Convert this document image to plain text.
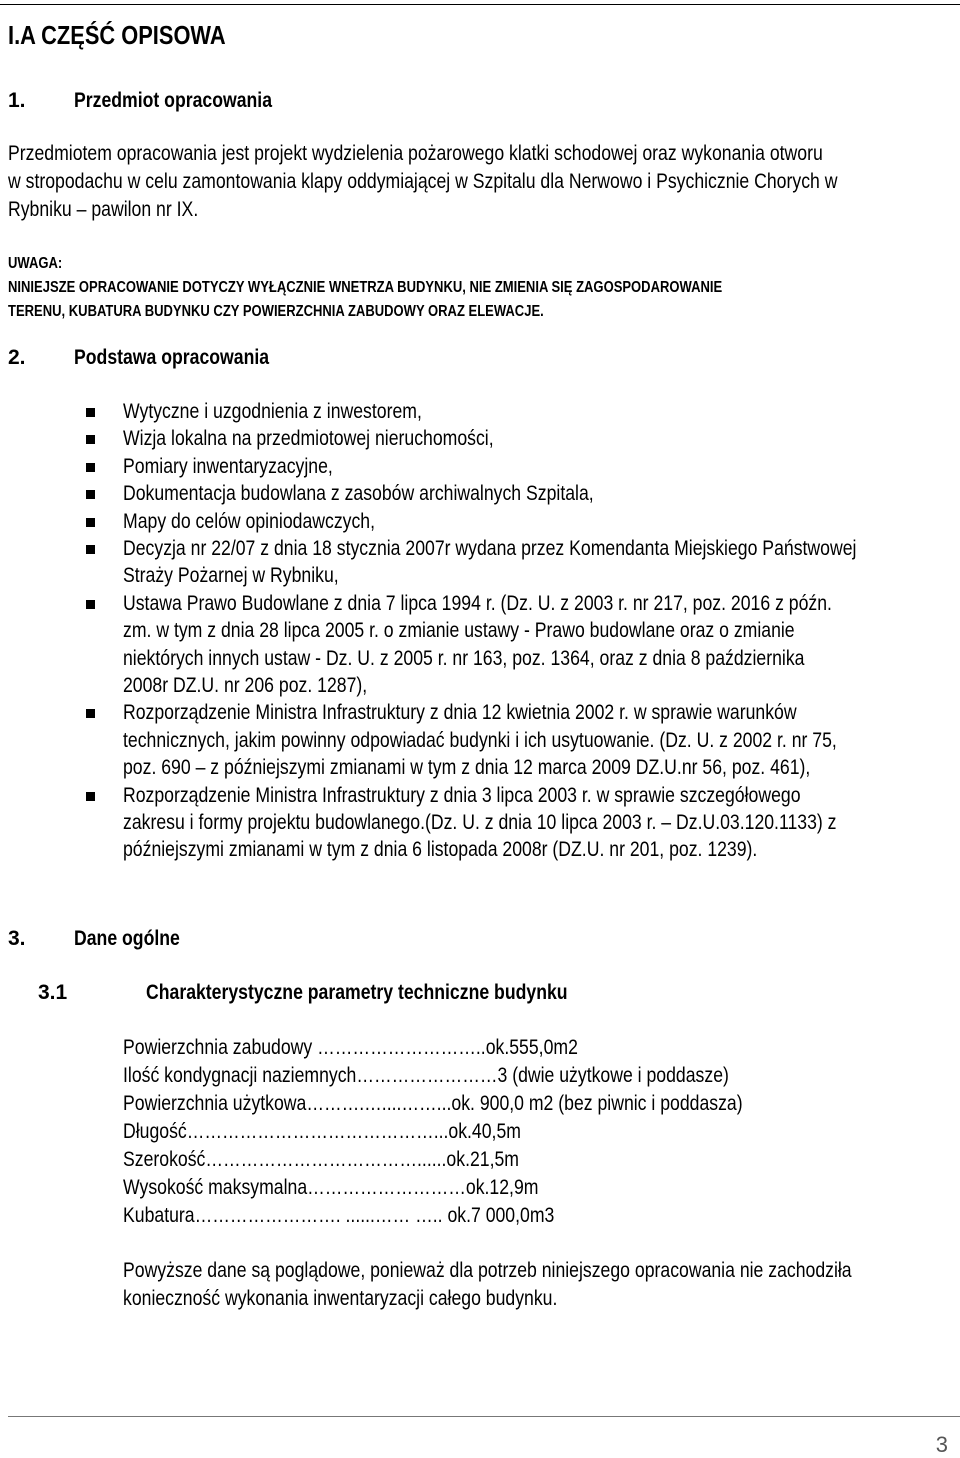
I.A CZĘŚĆ OPISOWA
1. Przedmiot opracowania
Przedmiotem opracowania jest projekt wydzielenia pożarowego klatki schodowej oraz wykonania otworu
w stropodachu w celu zamontowania klapy oddymiającej w Szpitalu dla Nerwowo i Psychicznie Chorych w
Rybniku – pawilon nr IX.
UWAGA:
NINIEJSZE OPRACOWANIE DOTYCZY WYŁĄCZNIE WNETRZA BUDYNKU, NIE ZMIENIA SIĘ ZAGOSPODAROWANIE
TERENU, KUBATURA BUDYNKU CZY POWIERZCHNIA ZABUDOWY ORAZ ELEWACJE.
2. Podstawa opracowania
Wytyczne i uzgodnienia z inwestorem,
Wizja lokalna na przedmiotowej nieruchomości,
Pomiary inwentaryzacyjne,
Dokumentacja budowlana z zasobów archiwalnych Szpitala,
Mapy do celów opiniodawczych,
Decyzja nr 22/07 z dnia 18 stycznia 2007r wydana przez Komendanta Miejskiego Państwowej
Straży Pożarnej w Rybniku,
Ustawa Prawo Budowlane z dnia 7 lipca 1994 r. (Dz. U. z 2003 r. nr 217, poz. 2016 z późn.
zm. w tym z dnia 28 lipca 2005 r. o zmianie ustawy - Prawo budowlane oraz o zmianie
niektórych innych ustaw - Dz. U. z 2005 r. nr 163, poz. 1364, oraz z dnia 8 października
2008r DZ.U. nr 206 poz. 1287),
Rozporządzenie Ministra Infrastruktury z dnia 12 kwietnia 2002 r. w sprawie warunków
technicznych, jakim powinny odpowiadać budynki i ich usytuowanie. (Dz. U. z 2002 r. nr 75,
poz. 690 – z późniejszymi zmianami w tym z dnia 12 marca 2009 DZ.U.nr 56, poz. 461),
Rozporządzenie Ministra Infrastruktury z dnia 3 lipca 2003 r. w sprawie szczegółowego
zakresu i formy projektu budowlanego.(Dz. U. z dnia 10 lipca 2003 r. – Dz.U.03.120.1133) z
późniejszymi zmianami w tym z dnia 6 listopada 2008r (DZ.U. nr 201, poz. 1239).
3. Dane ogólne
3.1	Charakterystyczne parametry techniczne budynku
Powierzchnia zabudowy ………………………..ok.555,0m2
Ilość kondygnacji naziemnych……………………3 (dwie użytkowe i poddasze)
Powierzchnia użytkowa……….…....……...ok. 900,0 m2 (bez piwnic i poddasza)
Długość……………………………………...ok.40,5m
Szerokość………………………………......ok.21,5m
Wysokość maksymalna………………………ok.12,9m
Kubatura……………………. ......…… ….. ok.7 000,0m3
Powyższe dane są poglądowe, ponieważ dla potrzeb niniejszego opracowania nie zachodziła
konieczność wykonania inwentaryzacji całego budynku.
3
